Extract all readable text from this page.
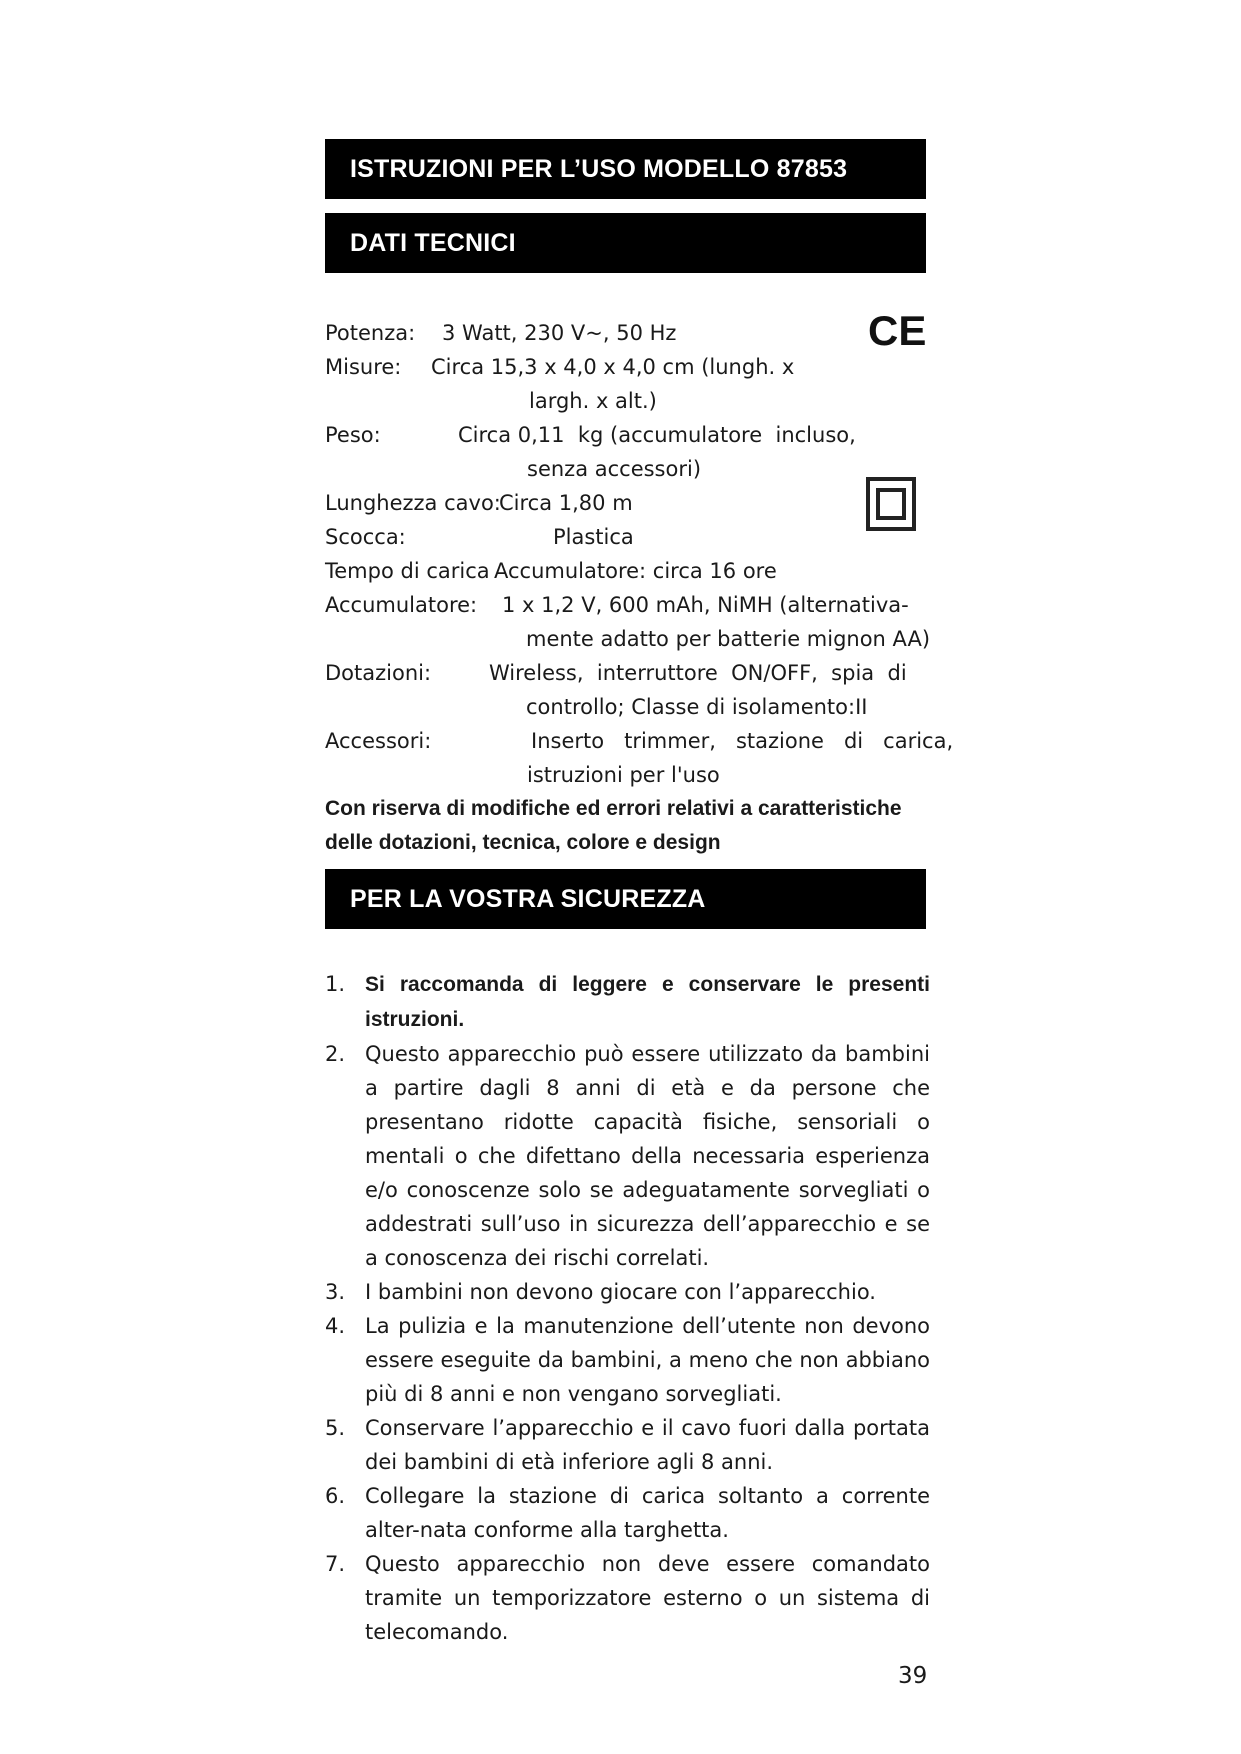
ISTRUZIONI PER L’USO MODELLO 87853
DATI TECNICI
CE
Potenza: 3 Watt, 230 V~, 50 Hz
Misure: Circa 15,3 x 4,0 x 4,0 cm (lungh. x
largh. x alt.)
Peso:	Circa 0,11  kg (accumulatore  incluso,
senza accessori)
Lunghezza cavo:
Circa 1,80 m
Scocca:	Plastica
Tempo di carica Accumulatore: circa 16 ore
Accumulatore: 1 x 1,2 V, 600 mAh, NiMH (alternativa-
mente adatto per batterie mignon AA)
Dotazioni:	Wireless,  interruttore  ON/OFF,  spia  di
controllo; Classe di isolamento:II
Accessori:	Inserto   trimmer,   stazione   di   carica,
istruzioni per l'uso
Con riserva di modifiche ed errori relativi a caratteristiche delle dotazioni, tecnica, colore e design
PER LA VOSTRA SICUREZZA
1. Si raccomanda di leggere e conservare le presenti istruzioni.
2. Questo apparecchio può essere utilizzato da bambini a partire dagli 8 anni di età e da persone che presentano ridotte capacità fisiche, sensoriali o mentali o che difettano della necessaria esperienza e/o conoscenze solo se adeguatamente sorvegliati o addestrati sull’uso in sicurezza dell’apparecchio e se a conoscenza dei rischi correlati.
3. I bambini non devono giocare con l’apparecchio.
4. La pulizia e la manutenzione dell’utente non devono essere eseguite da bambini, a meno che non abbiano più di 8 anni e non vengano sorvegliati.
5. Conservare l’apparecchio e il cavo fuori dalla portata dei bambini di età inferiore agli 8 anni.
6. Collegare la stazione di carica soltanto a corrente alter-nata conforme alla targhetta.
7. Questo apparecchio non deve essere comandato tramite un temporizzatore esterno o un sistema di telecomando.
39
